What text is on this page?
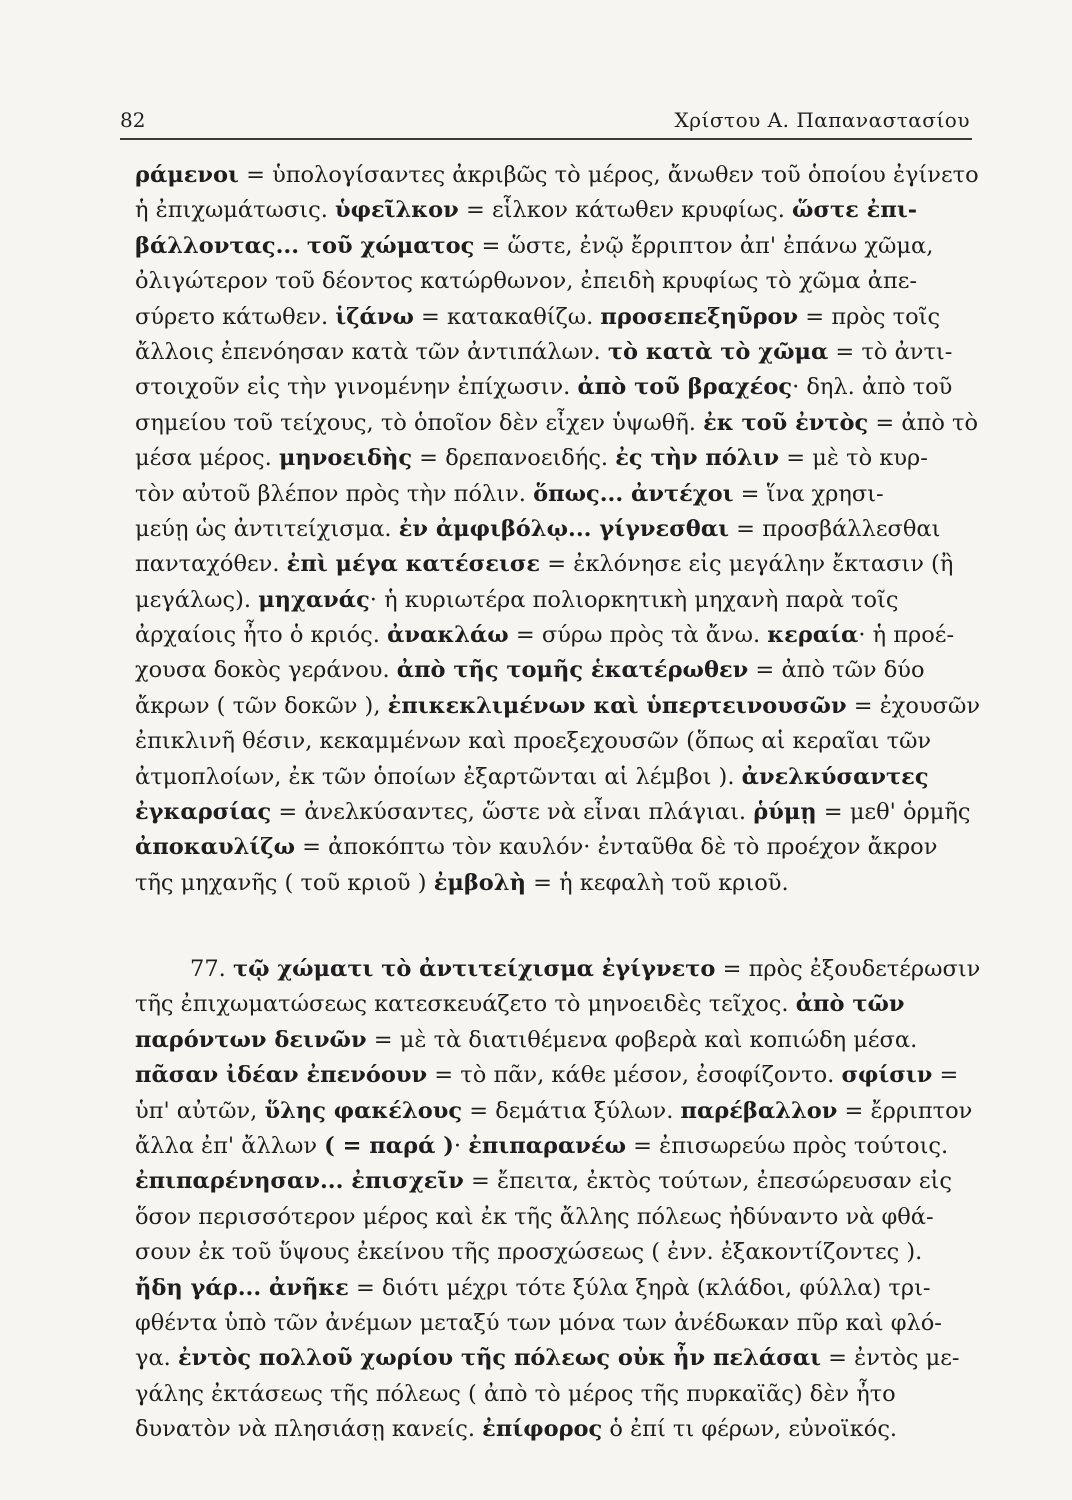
82	Χρίστου Α. Παπαναστασίου
ράμενοι = ὑπολογίσαντες ἀκριβῶς τὸ μέρος, ἄνωθεν τοῦ ὁποίου ἐγίνετο
ἡ ἐπιχωμάτωσις. ὑφεῖλκον = εἷλκον κάτωθεν κρυφίως. ὥστε ἐπι-
βάλλοντας... τοῦ χώματος = ὥστε, ἐνῷ ἔρριπτον ἀπ' ἐπάνω χῶμα,
ὀλιγώτερον τοῦ δέοντος κατώρθωνον, ἐπειδὴ κρυφίως τὸ χῶμα ἀπε-
σύρετο κάτωθεν. ἱζάνω = κατακαθίζω. προσεπεξηῦρον = πρὸς τοῖς
ἄλλοις ἐπενόησαν κατὰ τῶν ἀντιπάλων. τὸ κατὰ τὸ χῶμα = τὸ ἀντι-
στοιχοῦν εἰς τὴν γινομένην ἐπίχωσιν. ἀπὸ τοῦ βραχέος· δηλ. ἀπὸ τοῦ
σημείου τοῦ τείχους, τὸ ὁποῖον δὲν εἶχεν ὑψωθῆ. ἐκ τοῦ ἐντὸς = ἀπὸ τὸ
μέσα μέρος. μηνοειδὴς = δρεπανοειδής. ἐς τὴν πόλιν = μὲ τὸ κυρ-
τὸν αὐτοῦ βλέπον πρὸς τὴν πόλιν. ὅπως... ἀντέχοι = ἵνα χρησι-
μεύῃ ὡς ἀντιτείχισμα. ἐν ἀμφιβόλῳ... γίγνεσθαι = προσβάλλεσθαι
πανταχόθεν. ἐπὶ μέγα κατέσεισε = ἐκλόνησε εἰς μεγάλην ἔκτασιν (ἢ
μεγάλως). μηχανάς· ἡ κυριωτέρα πολιορκητικὴ μηχανὴ παρὰ τοῖς
ἀρχαίοις ἦτο ὁ κριός. ἀνακλάω = σύρω πρὸς τὰ ἄνω. κεραία· ἡ προέ-
χουσα δοκὸς γεράνου. ἀπὸ τῆς τομῆς ἑκατέρωθεν = ἀπὸ τῶν δύο
ἄκρων ( τῶν δοκῶν ), ἐπικεκλιμένων καὶ ὑπερτεινουσῶν = ἐχουσῶν
ἐπικλινῆ θέσιν, κεκαμμένων καὶ προεξεχουσῶν (ὅπως αἱ κεραῖαι τῶν
ἀτμοπλοίων, ἐκ τῶν ὁποίων ἐξαρτῶνται αἱ λέμβοι ). ἀνελκύσαντες
ἐγκαρσίας = ἀνελκύσαντες, ὥστε νὰ εἶναι πλάγιαι. ῥύμῃ = μεθ' ὁρμῆς
ἀποκαυλίζω = ἀποκόπτω τὸν καυλόν· ἐνταῦθα δὲ τὸ προέχον ἄκρον
τῆς μηχανῆς ( τοῦ κριοῦ ) ἐμβολὴ = ἡ κεφαλὴ τοῦ κριοῦ.
77. τῷ χώματι τὸ ἀντιτείχισμα ἐγίγνετο = πρὸς ἐξουδετέρωσιν
τῆς ἐπιχωματώσεως κατεσκευάζετο τὸ μηνοειδὲς τεῖχος. ἀπὸ τῶν
παρόντων δεινῶν = μὲ τὰ διατιθέμενα φοβερὰ καὶ κοπιώδη μέσα.
πᾶσαν ἰδέαν ἐπενόουν = τὸ πᾶν, κάθε μέσον, ἐσοφίζοντο. σφίσιν =
ὑπ' αὐτῶν, ὕλης φακέλους = δεμάτια ξύλων. παρέβαλλον = ἔρριπτον
ἄλλα ἐπ' ἄλλων ( = παρά )· ἐπιπαρανέω = ἐπισωρεύω πρὸς τούτοις.
ἐπιπαρένησαν... ἐπισχεῖν = ἔπειτα, ἐκτὸς τούτων, ἐπεσώρευσαν εἰς
ὅσον περισσότερον μέρος καὶ ἐκ τῆς ἄλλης πόλεως ἠδύναντο νὰ φθά-
σουν ἐκ τοῦ ὕψους ἐκείνου τῆς προσχώσεως ( ἐνν. ἐξακοντίζοντες ).
ἤδη γάρ... ἀνῆκε = διότι μέχρι τότε ξύλα ξηρὰ (κλάδοι, φύλλα) τρι-
φθέντα ὑπὸ τῶν ἀνέμων μεταξύ των μόνα των ἀνέδωκαν πῦρ καὶ φλό-
γα. ἐντὸς πολλοῦ χωρίου τῆς πόλεως οὐκ ἦν πελάσαι = ἐντὸς με-
γάλης ἐκτάσεως τῆς πόλεως ( ἀπὸ τὸ μέρος τῆς πυρκαϊᾶς) δὲν ἦτο
δυνατὸν νὰ πλησιάσῃ κανείς. ἐπίφορος ὁ ἐπί τι φέρων, εὐνοϊκός.
